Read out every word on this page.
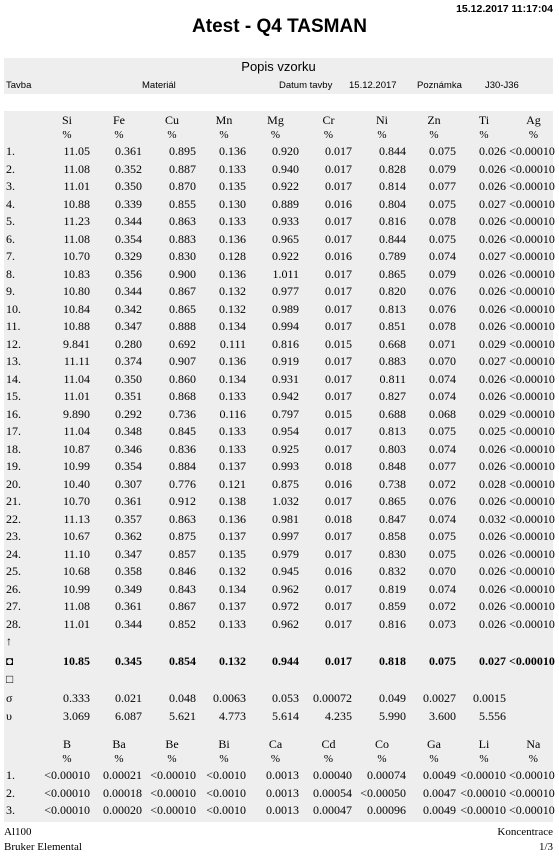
15.12.2017 11:17:04
Atest - Q4 TASMAN
Popis vzorku
Tavba	Materiál	Datum tavby 15.12.2017 Poznámka J30-J36
	Si	Fe	Cu	Mn	Mg	Cr	Ni	Zn	Ti	Ag
	%	%	%	%	%	%	%	%	%	%
1.	11.05	0.361	0.895	0.136	0.920	0.017	0.844	0.075	0.026	<0.00010
2.	11.08	0.352	0.887	0.133	0.940	0.017	0.828	0.079	0.026	<0.00010
3.	11.01	0.350	0.870	0.135	0.922	0.017	0.814	0.077	0.026	<0.00010
4.	10.88	0.339	0.855	0.130	0.889	0.016	0.804	0.075	0.027	<0.00010
5.	11.23	0.344	0.863	0.133	0.933	0.017	0.816	0.078	0.026	<0.00010
6.	11.08	0.354	0.883	0.136	0.965	0.017	0.844	0.075	0.026	<0.00010
7.	10.70	0.329	0.830	0.128	0.922	0.016	0.789	0.074	0.027	<0.00010
8.	10.83	0.356	0.900	0.136	1.011	0.017	0.865	0.079	0.026	<0.00010
9.	10.80	0.344	0.867	0.132	0.977	0.017	0.820	0.076	0.026	<0.00010
10.	10.84	0.342	0.865	0.132	0.989	0.017	0.813	0.076	0.026	<0.00010
11.	10.88	0.347	0.888	0.134	0.994	0.017	0.851	0.078	0.026	<0.00010
12.	9.841	0.280	0.692	0.111	0.816	0.015	0.668	0.071	0.029	<0.00010
13.	11.11	0.374	0.907	0.136	0.919	0.017	0.883	0.070	0.027	<0.00010
14.	11.04	0.350	0.860	0.134	0.931	0.017	0.811	0.074	0.026	<0.00010
15.	11.01	0.351	0.868	0.133	0.942	0.017	0.827	0.074	0.026	<0.00010
16.	9.890	0.292	0.736	0.116	0.797	0.015	0.688	0.068	0.029	<0.00010
17.	11.04	0.348	0.845	0.133	0.954	0.017	0.813	0.075	0.025	<0.00010
18.	10.87	0.346	0.836	0.133	0.925	0.017	0.803	0.074	0.026	<0.00010
19.	10.99	0.354	0.884	0.137	0.993	0.018	0.848	0.077	0.026	<0.00010
20.	10.40	0.307	0.776	0.121	0.875	0.016	0.738	0.072	0.028	<0.00010
21.	10.70	0.361	0.912	0.138	1.032	0.017	0.865	0.076	0.026	<0.00010
22.	11.13	0.357	0.863	0.136	0.981	0.018	0.847	0.074	0.032	<0.00010
23.	10.67	0.362	0.875	0.137	0.997	0.017	0.858	0.075	0.026	<0.00010
24.	11.10	0.347	0.857	0.135	0.979	0.017	0.830	0.075	0.026	<0.00010
25.	10.68	0.358	0.846	0.132	0.945	0.016	0.832	0.070	0.026	<0.00010
26.	10.99	0.349	0.843	0.134	0.962	0.017	0.819	0.074	0.026	<0.00010
27.	11.08	0.361	0.867	0.137	0.972	0.017	0.859	0.072	0.026	<0.00010
28.	11.01	0.344	0.852	0.133	0.962	0.017	0.816	0.073	0.026	<0.00010
↑										
◘	10.85	0.345	0.854	0.132	0.944	0.017	0.818	0.075	0.027	<0.00010
□										
σ	0.333	0.021	0.048	0.0063	0.053	0.00072	0.049	0.0027	0.0015	
υ	3.069	6.087	5.621	4.773	5.614	4.235	5.990	3.600	5.556	
	B	Ba	Be	Bi	Ca	Cd	Co	Ga	Li	Na
	%	%	%	%	%	%	%	%	%	%
1.	<0.00010	0.00021	<0.00010	<0.0010	0.0013	0.00040	0.00074	0.0049	<0.00010	<0.00010
2.	<0.00010	0.00018	<0.00010	<0.0010	0.0013	0.00054	<0.00050	0.0047	<0.00010	<0.00010
3.	<0.00010	0.00020	<0.00010	<0.0010	0.0013	0.00047	0.00096	0.0049	<0.00010	<0.00010
Al100
Bruker Elemental
Koncentrace
1/3
